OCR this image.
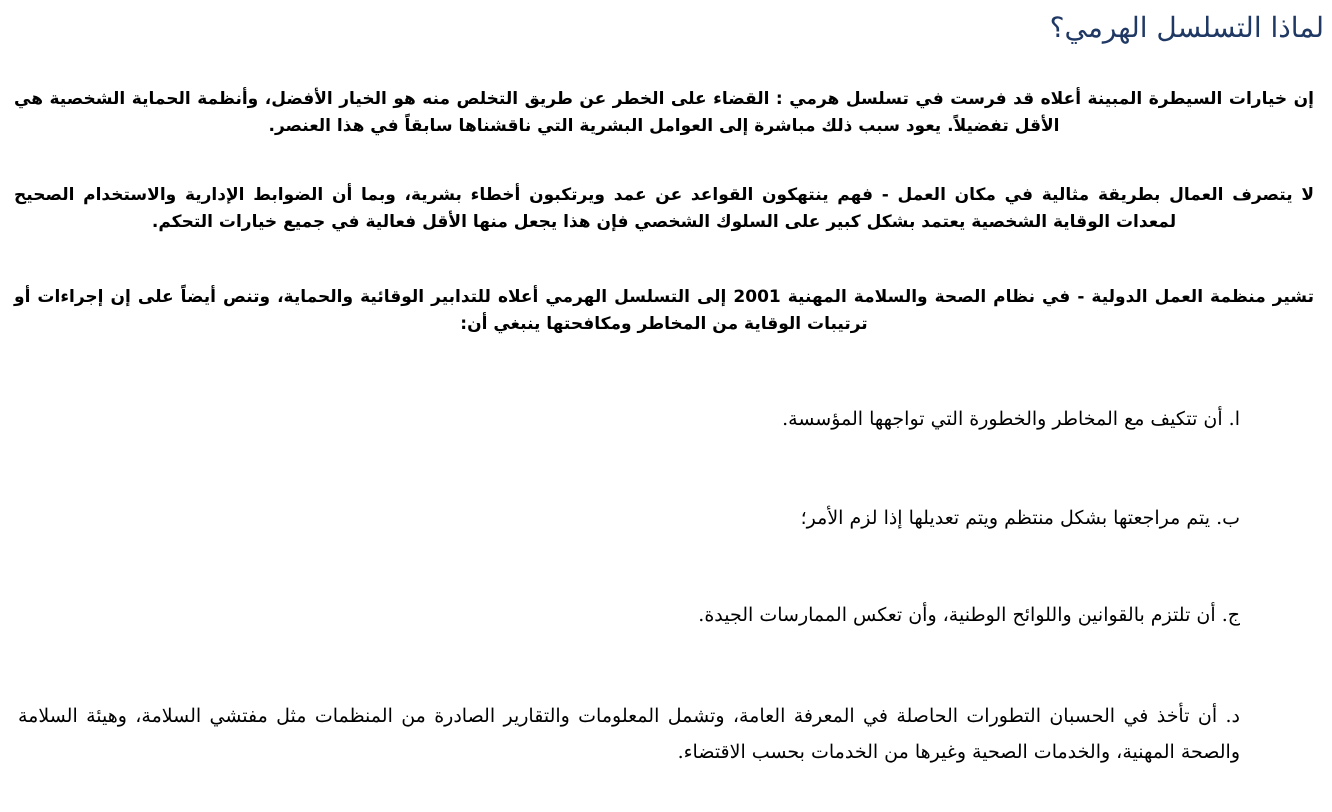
لماذا التسلسل الهرمي؟

إن خيارات السيطرة المبينة أعلاه قد فرست في تسلسل هرمي : القضاء على الخطر عن طريق التخلص منه هو الخيار الأفضل، وأنظمة الحماية الشخصية هي الأقل تفضيلاً. يعود سبب ذلك مباشرة إلى العوامل البشرية التي ناقشناها سابقاً في هذا العنصر.

لا يتصرف العمال بطريقة مثالية في مكان العمل - فهم ينتهكون القواعد عن عمد ويرتكبون أخطاء بشرية، وبما أن الضوابط الإدارية والاستخدام الصحيح لمعدات الوقاية الشخصية يعتمد بشكل كبير على السلوك الشخصي فإن هذا يجعل منها الأقل فعالية في جميع خيارات التحكم.

تشير منظمة العمل الدولية - في نظام الصحة والسلامة المهنية 2001 إلى التسلسل الهرمي أعلاه للتدابير الوقائية والحماية، وتنص أيضاً على إن إجراءات أو ترتيبات الوقاية من المخاطر ومكافحتها ينبغي أن:

ا. أن تتكيف مع المخاطر والخطورة التي تواجهها المؤسسة.

ب. يتم مراجعتها بشكل منتظم ويتم تعديلها إذا لزم الأمر؛

ج. أن تلتزم بالقوانين واللوائح الوطنية، وأن تعكس الممارسات الجيدة.

د. أن تأخذ في الحسبان التطورات الحاصلة في المعرفة العامة، وتشمل المعلومات والتقارير الصادرة من المنظمات مثل مفتشي السلامة، وهيئة السلامة والصحة المهنية، والخدمات الصحية وغيرها من الخدمات بحسب الاقتضاء.
